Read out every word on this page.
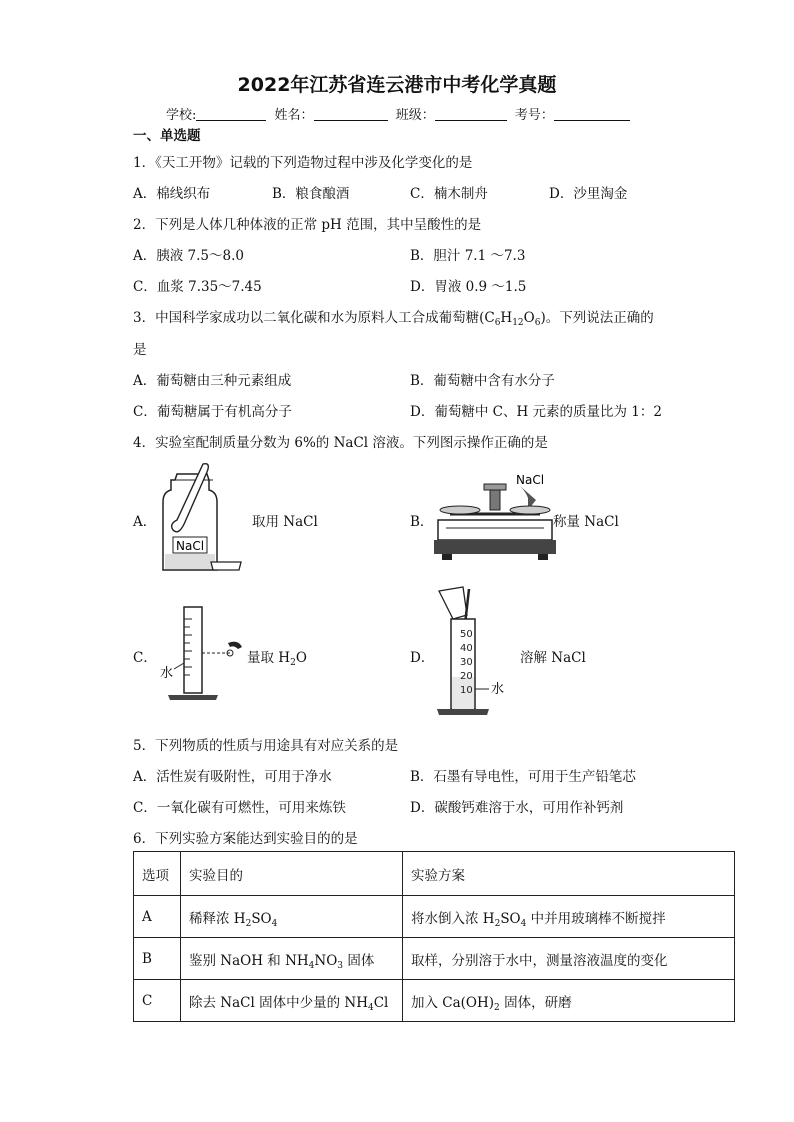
2022年江苏省连云港市中考化学真题
学校:	姓名：	班级：	考号：
一、单选题
1．《天工开物》记载的下列造物过程中涉及化学变化的是
A．棉线织布	B．粮食酿酒	C．楠木制舟	D．沙里淘金
2．下列是人体几种体液的正常 pH 范围，其中呈酸性的是
A．胰液 7.5～8.0	B．胆汁 7.1 ～7.3
C．血浆 7.35～7.45	D．胃液 0.9 ～1.5
3．中国科学家成功以二氧化碳和水为原料人工合成葡萄糖$(C_6H_{12}O_6)$。下列说法正确的
是
A．葡萄糖由三种元素组成	B．葡萄糖中含有水分子
C．葡萄糖属于有机高分子	D．葡萄糖中 C、H 元素的质量比为 1：2
4．实验室配制质量分数为 6%的 NaCl 溶液。下列图示操作正确的是
A．
NaCl
取用 NaCl	B．
NaCl
称量 NaCl
C．
水
量取 $H_2O$	D．
50
40
30
20
10 水
溶解 NaCl
5．下列物质的性质与用途具有对应关系的是
A．活性炭有吸附性，可用于净水	B．石墨有导电性，可用于生产铅笔芯
C．一氧化碳有可燃性，可用来炼铁	D．碳酸钙难溶于水，可用作补钙剂
6．下列实验方案能达到实验目的的是
选项	实验目的	实验方案
A	稀释浓 $H_2SO_4$	将水倒入浓 $H_2SO_4$ 中并用玻璃棒不断搅拌
B	鉴别 NaOH 和 $NH_4NO_3$ 固体	取样，分别溶于水中，测量溶液温度的变化
C	除去 NaCl 固体中少量的 $NH_4Cl$	加入 $Ca(OH)_2$ 固体，研磨
